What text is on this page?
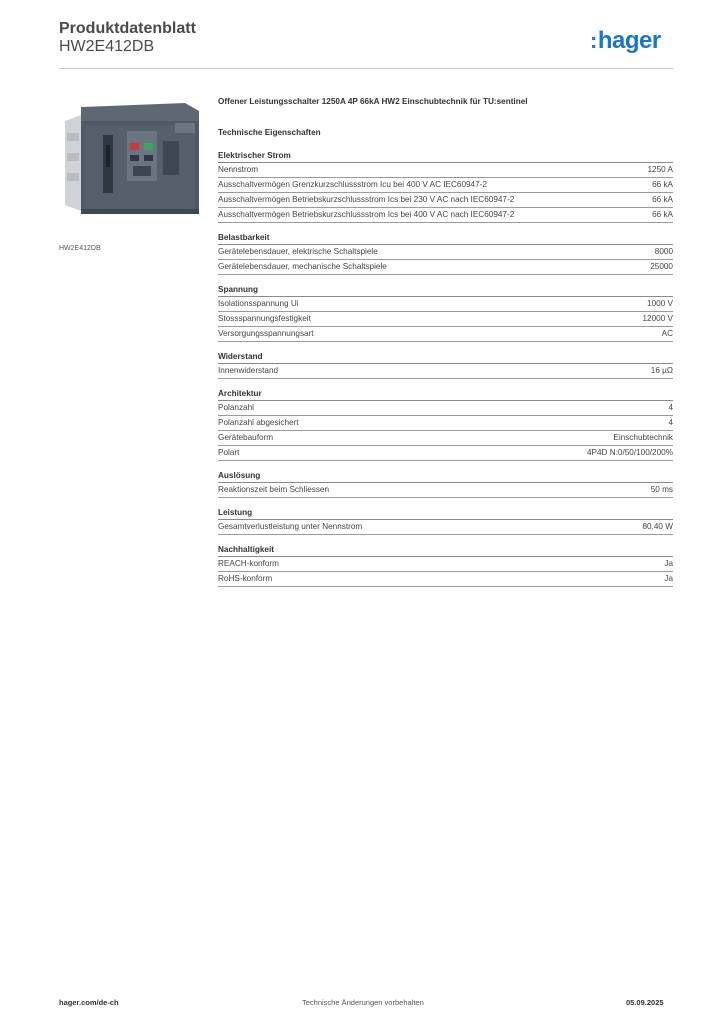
Produktdatenblatt
HW2E412DB	:hager
HW2E412DB
Offener Leistungsschalter 1250A 4P 66kA HW2 Einschubtechnik für TU:sentinel
Technische Eigenschaften
Elektrischer Strom
Nennstrom	1250 A
Ausschaltvermögen Grenzkurzschlussstrom Icu bei 400 V AC IEC60947-2	66 kA
Ausschaltvermögen Betriebskurzschlussstrom Ics bei 230 V AC nach IEC60947-2	66 kA
Ausschaltvermögen Betriebskurzschlussstrom Ics bei 400 V AC nach IEC60947-2	66 kA
Belastbarkeit
Gerätelebensdauer, elektrische Schaltspiele	8000
Gerätelebensdauer, mechanische Schaltspiele	25000
Spannung
Isolationsspannung Ui	1000 V
Stossspannungsfestigkeit	12000 V
Versorgungsspannungsart	AC
Widerstand
Innenwiderstand	16 µΩ
Architektur
Polanzahl	4
Polanzahl abgesichert	4
Gerätebauform	Einschubtechnik
Polart	4P4D N:0/50/100/200%
Auslösung
Reaktionszeit beim Schliessen	50 ms
Leistung
Gesamtverlustleistung unter Nennstrom	80.40 W
Nachhaltigkeit
REACH-konform	Ja
RoHS-konform	Ja
hager.com/de-ch	Technische Änderungen vorbehalten	05.09.2025
